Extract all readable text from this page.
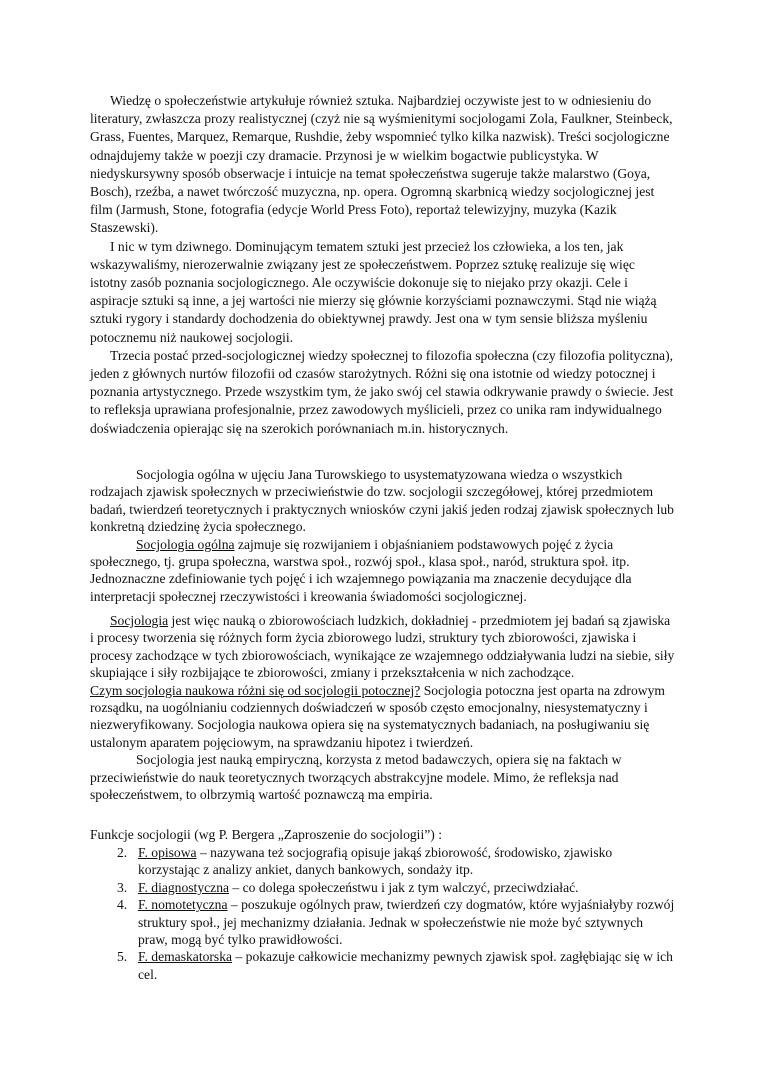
Wiedzę o społeczeństwie artykułuje również sztuka. Najbardziej oczywiste jest to w odniesieniu do literatury, zwłaszcza prozy realistycznej (czyż nie są wyśmienitymi socjologami Zola, Faulkner, Steinbeck, Grass, Fuentes, Marquez, Remarque, Rushdie, żeby wspomnieć tylko kilka nazwisk). Treści socjologiczne odnajdujemy także w poezji czy dramacie. Przynosi je w wielkim bogactwie publicystyka. W niedyskursywny sposób obserwacje i intuicje na temat społeczeństwa sugeruje także malarstwo (Goya, Bosch), rzeźba, a nawet twórczość muzyczna, np. opera. Ogromną skarbnicą wiedzy socjologicznej jest film (Jarmush, Stone, fotografia (edycje World Press Foto), reportaż telewizyjny, muzyka (Kazik Staszewski).

I nic w tym dziwnego. Dominującym tematem sztuki jest przecież los człowieka, a los ten, jak wskazywaliśmy, nierozerwalnie związany jest ze społeczeństwem. Poprzez sztukę realizuje się więc istotny zasób poznania socjologicznego. Ale oczywiście dokonuje się to niejako przy okazji. Cele i aspiracje sztuki są inne, a jej wartości nie mierzy się głównie korzyściami poznawczymi. Stąd nie wiążą sztuki rygory i standardy dochodzenia do obiektywnej prawdy. Jest ona w tym sensie bliższa myśleniu potocznemu niż naukowej socjologii.

Trzecia postać przed-socjologicznej wiedzy społecznej to filozofia społeczna (czy filozofia polityczna), jeden z głównych nurtów filozofii od czasów starożytnych. Różni się ona istotnie od wiedzy potocznej i poznania artystycznego. Przede wszystkim tym, że jako swój cel stawia odkrywanie prawdy o świecie. Jest to refleksja uprawiana profesjonalnie, przez zawodowych myślicieli, przez co unika ram indywidualnego doświadczenia opierając się na szerokich porównaniach m.in. historycznych.

Socjologia ogólna w ujęciu Jana Turowskiego to usystematyzowana wiedza o wszystkich rodzajach zjawisk społecznych w przeciwieństwie do tzw. socjologii szczegółowej, której przedmiotem badań, twierdzeń teoretycznych i praktycznych wniosków czyni jakiś jeden rodzaj zjawisk społecznych lub konkretną dziedzinę życia społecznego.

Socjologia ogólna zajmuje się rozwijaniem i objaśnianiem podstawowych pojęć z życia społecznego, tj. grupa społeczna, warstwa społ., rozwój społ., klasa społ., naród, struktura społ. itp. Jednoznaczne zdefiniowanie tych pojęć i ich wzajemnego powiązania ma znaczenie decydujące dla interpretacji społecznej rzeczywistości i kreowania świadomości socjologicznej.

Socjologia jest więc nauką o zbiorowościach ludzkich, dokładniej - przedmiotem jej badań są zjawiska i procesy tworzenia się różnych form życia zbiorowego ludzi, struktury tych zbiorowości, zjawiska i procesy zachodzące w tych zbiorowościach, wynikające ze wzajemnego oddziaływania ludzi na siebie, siły skupiające i siły rozbijające te zbiorowości, zmiany i przekształcenia w nich zachodzące.

Czym socjologia naukowa różni się od socjologii potocznej? Socjologia potoczna jest oparta na zdrowym rozsądku, na uogólnianiu codziennych doświadczeń w sposób często emocjonalny, niesystematyczny i niezweryfikowany. Socjologia naukowa opiera się na systematycznych badaniach, na posługiwaniu się ustalonym aparatem pojęciowym, na sprawdzaniu hipotez i twierdzeń.

Socjologia jest nauką empiryczną, korzysta z metod badawczych, opiera się na faktach w przeciwieństwie do nauk teoretycznych tworzących abstrakcyjne modele. Mimo, że refleksja nad społeczeństwem, to olbrzymią wartość poznawczą ma empiria.

Funkcje socjologii (wg P. Bergera „Zaproszenie do socjologii”) :
2. F. opisowa – nazywana też socjografią opisuje jakąś zbiorowość, środowisko, zjawisko korzystając z analizy ankiet, danych bankowych, sondaży itp.
3. F. diagnostyczna – co dolega społeczeństwu i jak z tym walczyć, przeciwdziałać.
4. F. nomotetyczna – poszukuje ogólnych praw, twierdzeń czy dogmatów, które wyjaśniałyby rozwój struktury społ., jej mechanizmy działania. Jednak w społeczeństwie nie może być sztywnych praw, mogą być tylko prawidłowości.
5. F. demaskatorska – pokazuje całkowicie mechanizmy pewnych zjawisk społ. zagłębiając się w ich cel.
